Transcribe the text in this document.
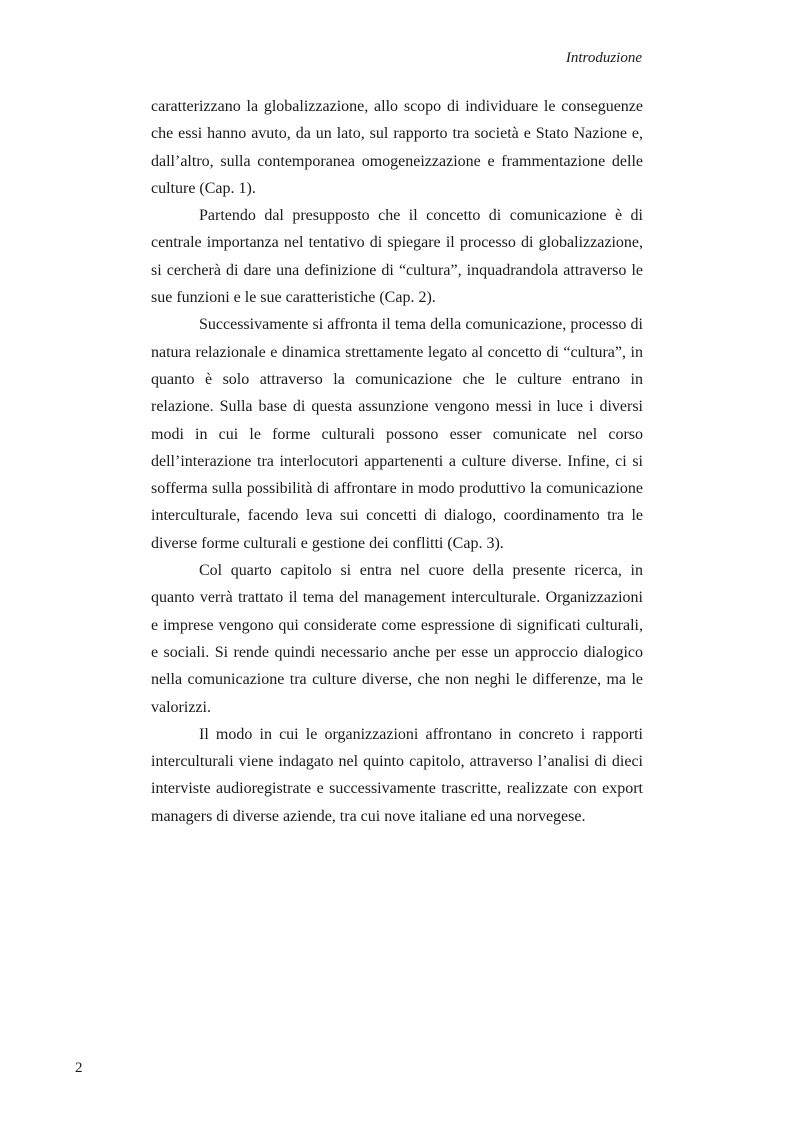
Introduzione

caratterizzano la globalizzazione, allo scopo di individuare le conseguenze che essi hanno avuto, da un lato, sul rapporto tra società e Stato Nazione e, dall’altro, sulla contemporanea omogeneizzazione e frammentazione delle culture (Cap. 1).

Partendo dal presupposto che il concetto di comunicazione è di centrale importanza nel tentativo di spiegare il processo di globalizzazione, si cercherà di dare una definizione di “cultura”, inquadrandola attraverso le sue funzioni e le sue caratteristiche (Cap. 2).

Successivamente si affronta il tema della comunicazione, processo di natura relazionale e dinamica strettamente legato al concetto di “cultura”, in quanto è solo attraverso la comunicazione che le culture entrano in relazione. Sulla base di questa assunzione vengono messi in luce i diversi modi in cui le forme culturali possono esser comunicate nel corso dell’interazione tra interlocutori appartenenti a culture diverse. Infine, ci si sofferma sulla possibilità di affrontare in modo produttivo la comunicazione interculturale, facendo leva sui concetti di dialogo, coordinamento tra le diverse forme culturali e gestione dei conflitti (Cap. 3).

Col quarto capitolo si entra nel cuore della presente ricerca, in quanto verrà trattato il tema del management interculturale. Organizzazioni e imprese vengono qui considerate come espressione di significati culturali, e sociali. Si rende quindi necessario anche per esse un approccio dialogico nella comunicazione tra culture diverse, che non neghi le differenze, ma le valorizzi.

Il modo in cui le organizzazioni affrontano in concreto i rapporti interculturali viene indagato nel quinto capitolo, attraverso l’analisi di dieci interviste audioregistrate e successivamente trascritte, realizzate con export managers di diverse aziende, tra cui nove italiane ed una norvegese.

2
